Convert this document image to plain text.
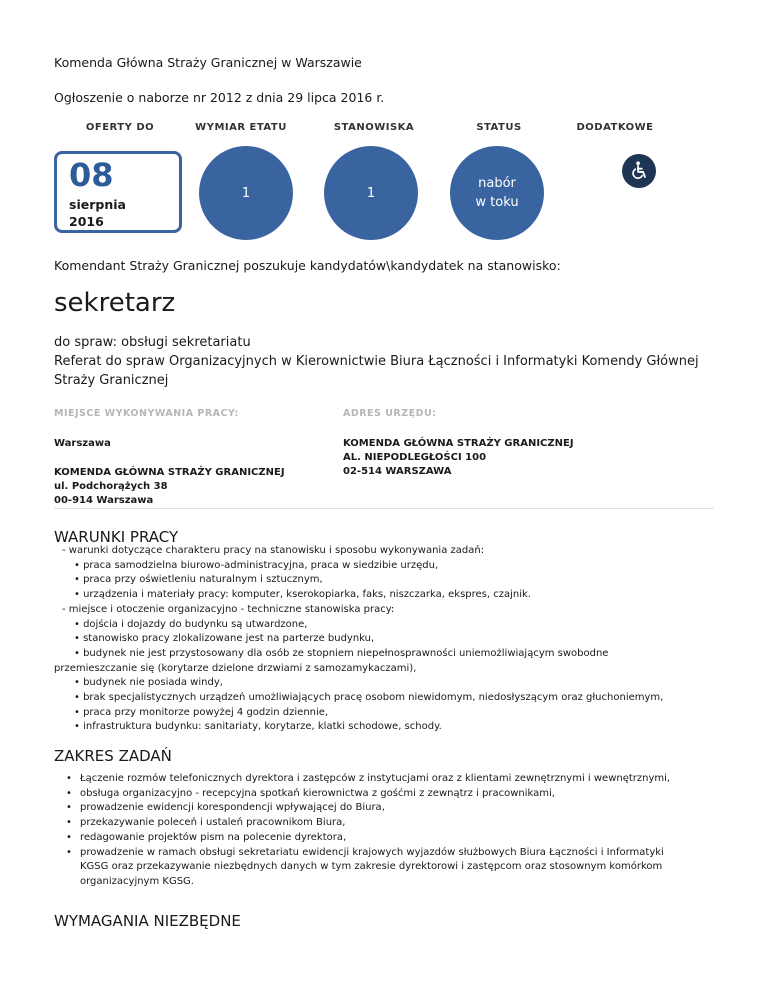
Komenda Główna Straży Granicznej w Warszawie
Ogłoszenie o naborze nr 2012 z dnia 29 lipca 2016 r.
OFERTY DO	WYMIAR ETATU	STANOWISKA	STATUS	DODATKOWE
08
sierpnia
2016
1	1
nabór
w toku
Komendant Straży Granicznej poszukuje kandydatów\kandydatek na stanowisko:
sekretarz
do spraw: obsługi sekretariatu
Referat do spraw Organizacyjnych w Kierownictwie Biura Łączności i Informatyki Komendy Głównej
Straży Granicznej
MIEJSCE WYKONYWANIA PRACY:	ADRES URZĘDU:
Warszawa
KOMENDA GŁÓWNA STRAŻY GRANICZNEJ
ul. Podchorążych 38
00-914 Warszawa
KOMENDA GŁÓWNA STRAŻY GRANICZNEJ
AL. NIEPODLEGŁOŚCI 100
02-514 WARSZAWA
WARUNKI PRACY
- warunki dotyczące charakteru pracy na stanowisku i sposobu wykonywania zadań:
• praca samodzielna biurowo-administracyjna, praca w siedzibie urzędu,
• praca przy oświetleniu naturalnym i sztucznym,
• urządzenia i materiały pracy: komputer, kserokopiarka, faks, niszczarka, ekspres, czajnik.
- miejsce i otoczenie organizacyjno - techniczne stanowiska pracy:
• dojścia i dojazdy do budynku są utwardzone,
• stanowisko pracy zlokalizowane jest na parterze budynku,
• budynek nie jest przystosowany dla osób ze stopniem niepełnosprawności uniemożliwiającym swobodne
przemieszczanie się (korytarze dzielone drzwiami z samozamykaczami),
• budynek nie posiada windy,
• brak specjalistycznych urządzeń umożliwiających pracę osobom niewidomym, niedosłyszącym oraz głuchoniemym,
• praca przy monitorze powyżej 4 godzin dziennie,
• infrastruktura budynku: sanitariaty, korytarze, klatki schodowe, schody.
ZAKRES ZADAŃ
• Łączenie rozmów telefonicznych dyrektora i zastępców z instytucjami oraz z klientami zewnętrznymi i wewnętrznymi,
• obsługa organizacyjno - recepcyjna spotkań kierownictwa z gośćmi z zewnątrz i pracownikami,
• prowadzenie ewidencji korespondencji wpływającej do Biura,
• przekazywanie poleceń i ustaleń pracownikom Biura,
• redagowanie projektów pism na polecenie dyrektora,
• prowadzenie w ramach obsługi sekretariatu ewidencji krajowych wyjazdów służbowych Biura Łączności i Informatyki
KGSG oraz przekazywanie niezbędnych danych w tym zakresie dyrektorowi i zastępcom oraz stosownym komórkom
organizacyjnym KGSG.
WYMAGANIA NIEZBĘDNE
